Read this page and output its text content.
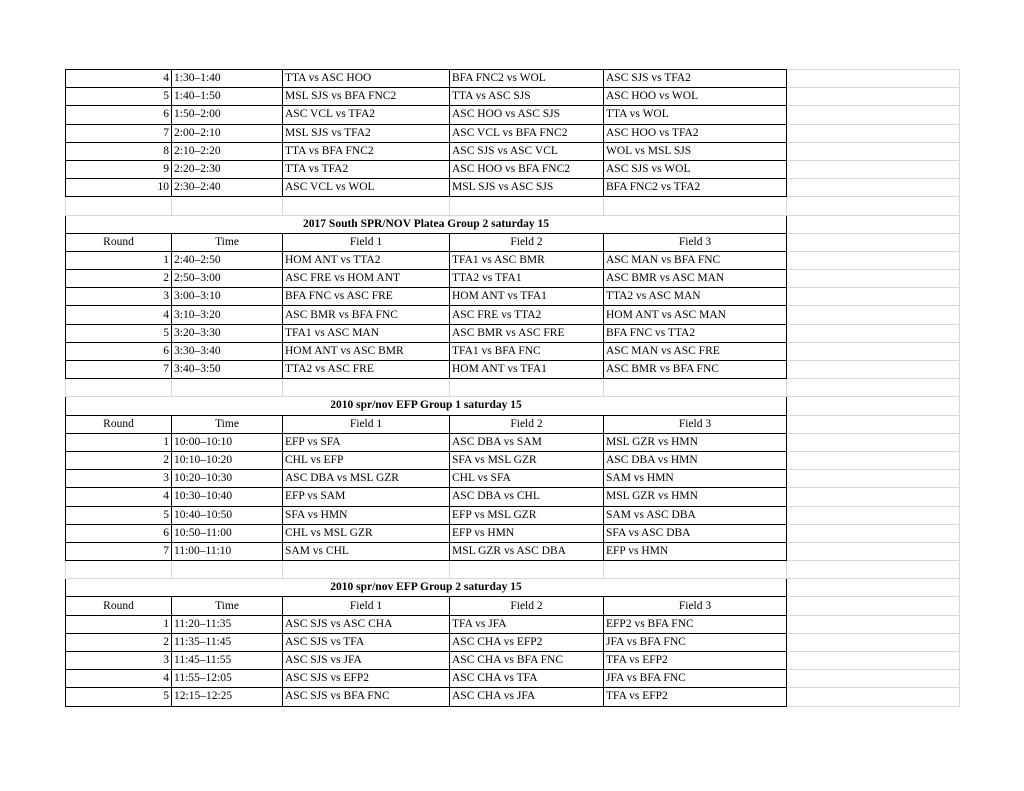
4	1:30–1:40	TTA vs ASC HOO	BFA FNC2 vs WOL	ASC SJS vs TFA2	
5	1:40–1:50	MSL SJS vs BFA FNC2	TTA vs ASC SJS	ASC HOO vs WOL	
6	1:50–2:00	ASC VCL vs TFA2	ASC HOO vs ASC SJS	TTA vs WOL	
7	2:00–2:10	MSL SJS vs TFA2	ASC VCL vs BFA FNC2	ASC HOO vs TFA2	
8	2:10–2:20	TTA vs BFA FNC2	ASC SJS vs ASC VCL	WOL vs MSL SJS	
9	2:20–2:30	TTA vs TFA2	ASC HOO vs BFA FNC2	ASC SJS vs WOL	
10	2:30–2:40	ASC VCL vs WOL	MSL SJS vs ASC SJS	BFA FNC2 vs TFA2	

2017 South SPR/NOV Platea Group 2 saturday 15					
Round	Time	Field 1	Field 2	Field 3	
1	2:40–2:50	HOM ANT vs TTA2	TFA1 vs ASC BMR	ASC MAN vs BFA FNC	
2	2:50–3:00	ASC FRE vs HOM ANT	TTA2 vs TFA1	ASC BMR vs ASC MAN	
3	3:00–3:10	BFA FNC vs ASC FRE	HOM ANT vs TFA1	TTA2 vs ASC MAN	
4	3:10–3:20	ASC BMR vs BFA FNC	ASC FRE vs TTA2	HOM ANT vs ASC MAN	
5	3:20–3:30	TFA1 vs ASC MAN	ASC BMR vs ASC FRE	BFA FNC vs TTA2	
6	3:30–3:40	HOM ANT vs ASC BMR	TFA1 vs BFA FNC	ASC MAN vs ASC FRE	
7	3:40–3:50	TTA2 vs ASC FRE	HOM ANT vs TFA1	ASC BMR vs BFA FNC	

2010 spr/nov EFP Group 1 saturday 15					
Round	Time	Field 1	Field 2	Field 3	
1	10:00–10:10	EFP vs SFA	ASC DBA vs SAM	MSL GZR vs HMN	
2	10:10–10:20	CHL vs EFP	SFA vs MSL GZR	ASC DBA vs HMN	
3	10:20–10:30	ASC DBA vs MSL GZR	CHL vs SFA	SAM vs HMN	
4	10:30–10:40	EFP vs SAM	ASC DBA vs CHL	MSL GZR vs HMN	
5	10:40–10:50	SFA vs HMN	EFP vs MSL GZR	SAM vs ASC DBA	
6	10:50–11:00	CHL vs MSL GZR	EFP vs HMN	SFA vs ASC DBA	
7	11:00–11:10	SAM vs CHL	MSL GZR vs ASC DBA	EFP vs HMN	

2010 spr/nov EFP Group 2 saturday 15					
Round	Time	Field 1	Field 2	Field 3	
1	11:20–11:35	ASC SJS vs ASC CHA	TFA vs JFA	EFP2 vs BFA FNC	
2	11:35–11:45	ASC SJS vs TFA	ASC CHA vs EFP2	JFA vs BFA FNC	
3	11:45–11:55	ASC SJS vs JFA	ASC CHA vs BFA FNC	TFA vs EFP2	
4	11:55–12:05	ASC SJS vs EFP2	ASC CHA vs TFA	JFA vs BFA FNC	
5	12:15–12:25	ASC SJS vs BFA FNC	ASC CHA vs JFA	TFA vs EFP2	
